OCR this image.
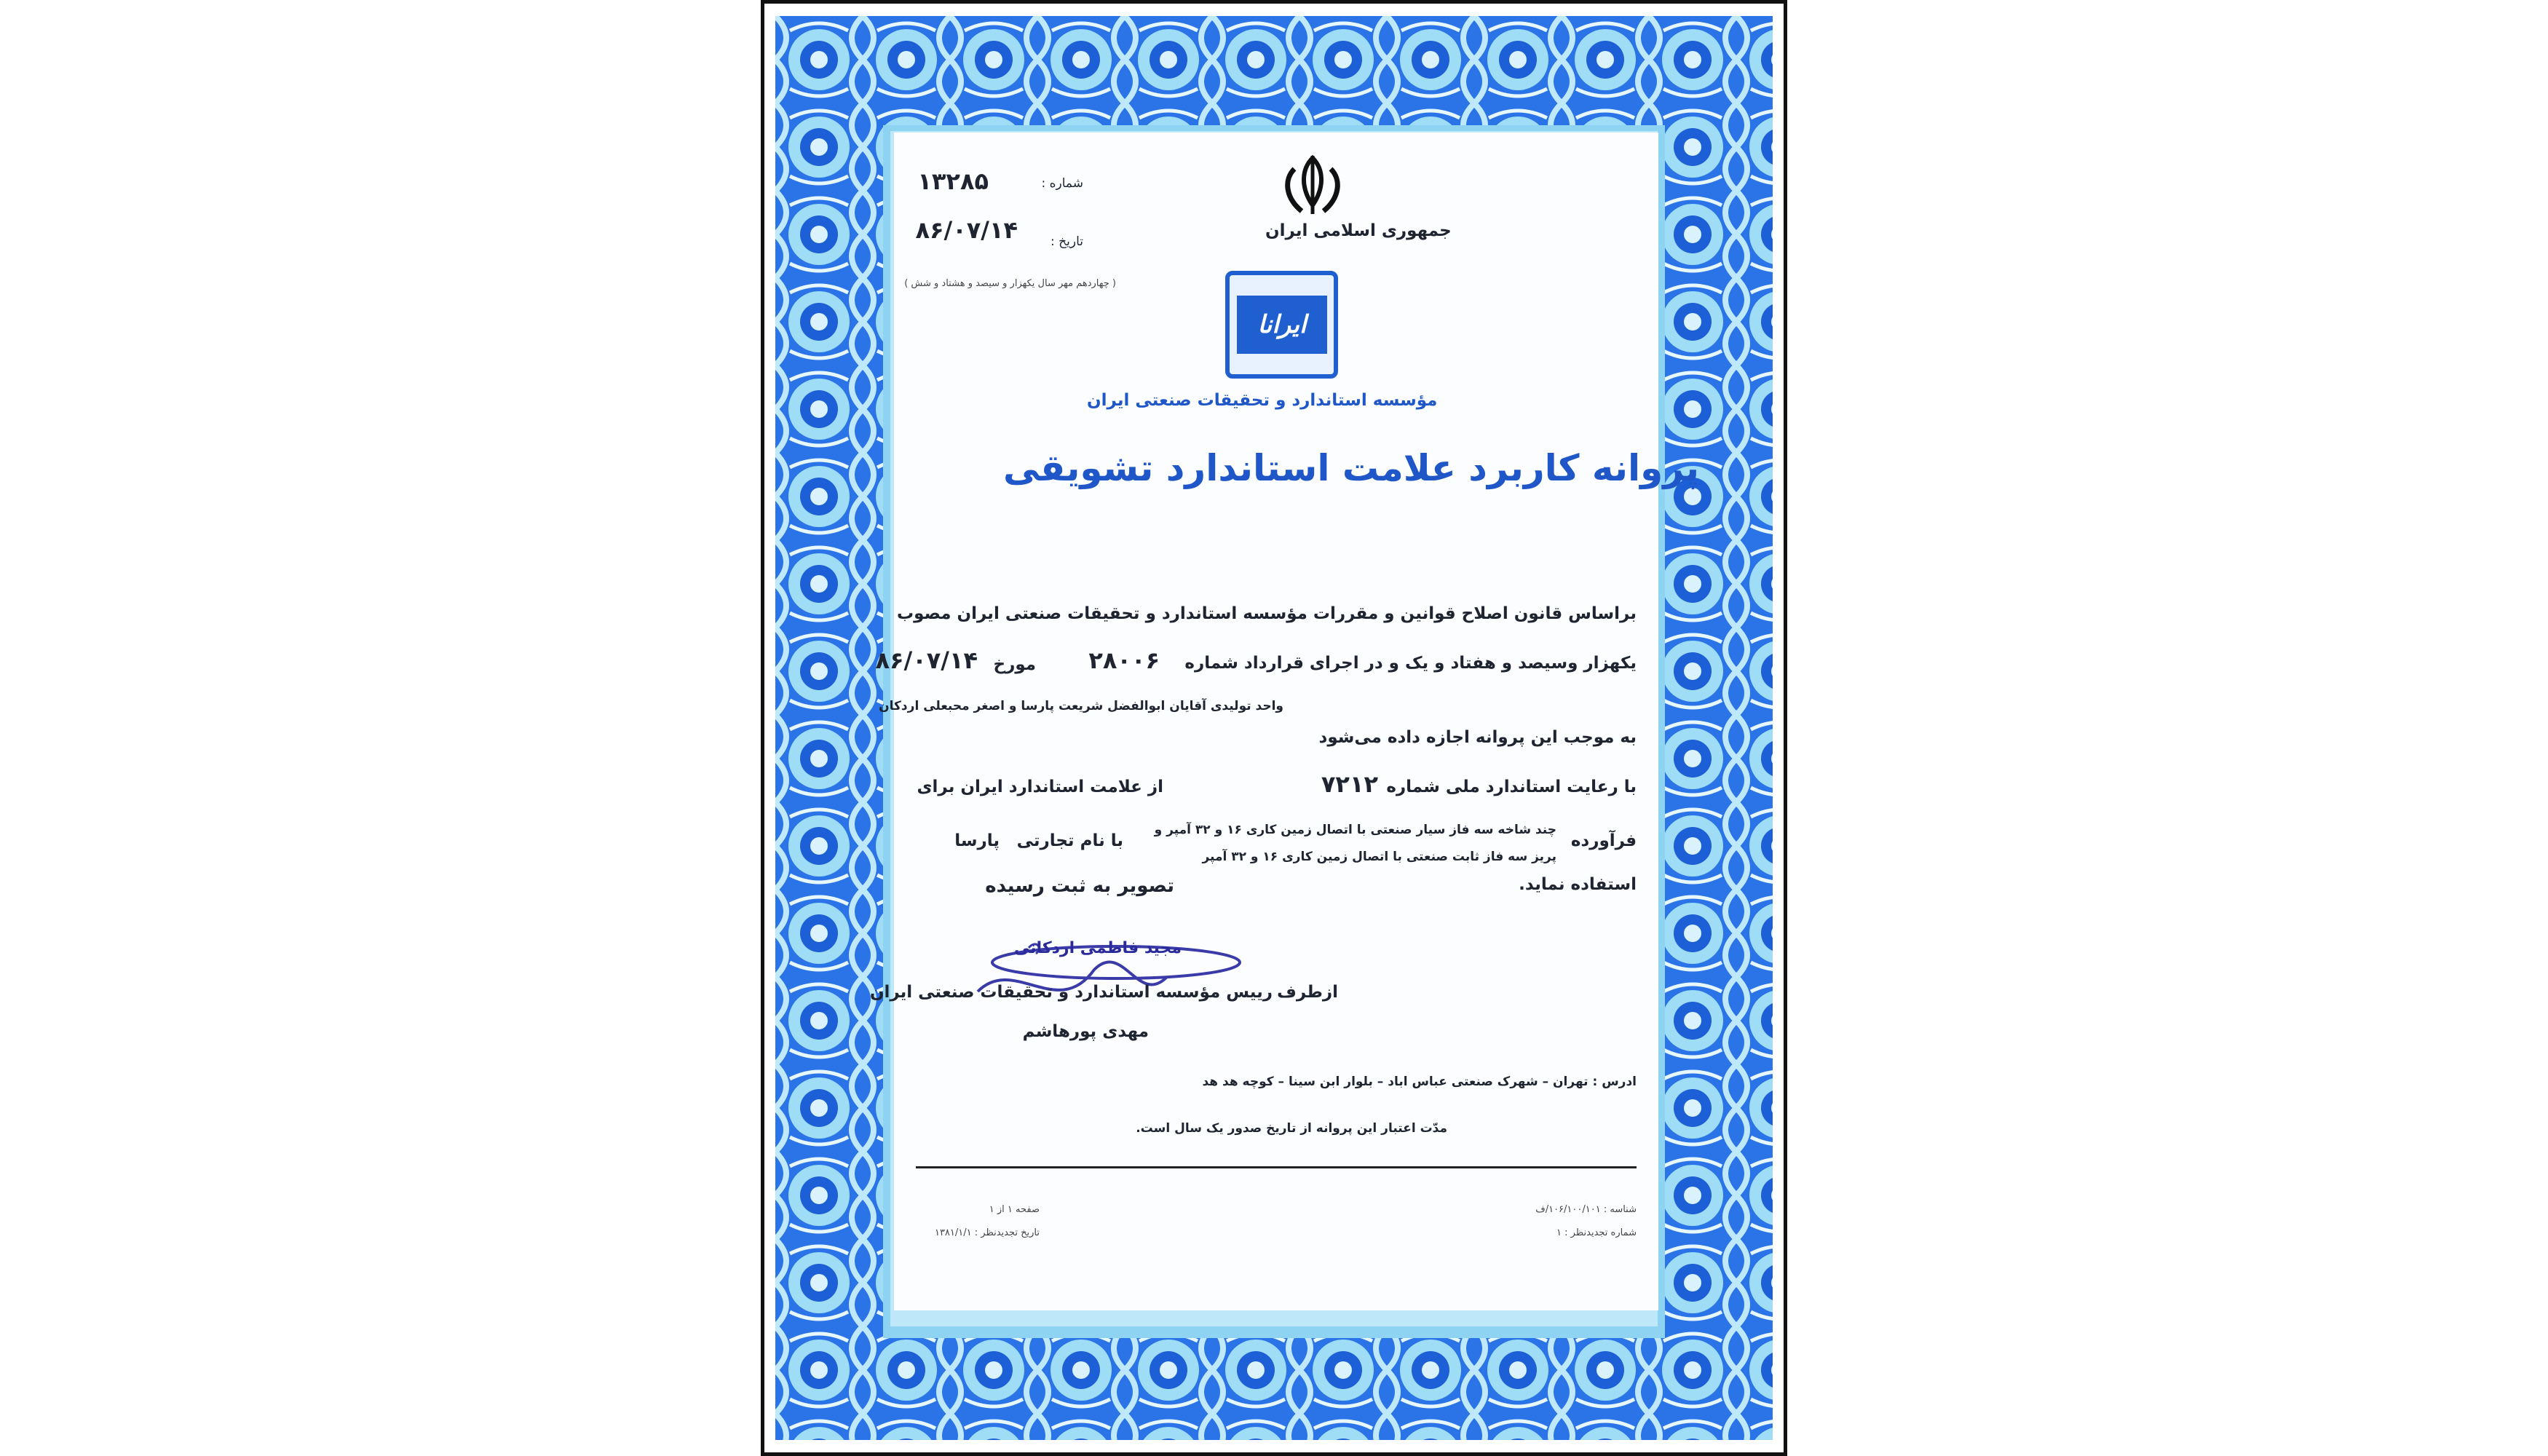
جمهوری اسلامی ایران
شماره :
۱۳۲۸۵
تاریخ :
۸۶/۰۷/۱۴
( چهاردهم مهر سال یکهزار و سیصد و هشتاد و شش )
ایرانا
مؤسسه استاندارد و تحقیقات صنعتی ایران
پروانه کاربرد علامت استاندارد تشویقی
براساس قانون اصلاح قوانین و مقررات مؤسسه استاندارد و تحقیقات صنعتی ایران مصوب
یکهزار وسیصد و هفتاد و یک و در اجرای قرارداد شماره
۲۸۰۰۶
مورخ
۸۶/۰۷/۱۴
واحد تولیدی آقایان ابوالفضل شریعت پارسا و اصغر محبعلی اردکان
به موجب این پروانه اجازه داده می‌شود
با رعایت استاندارد ملی شماره
۷۲۱۲
از علامت استاندارد ایران برای
فرآورده
چند شاخه سه فاز سیار صنعتی با اتصال زمین کاری ۱۶ و ۳۲ آمپر و
پریز سه فاز ثابت صنعتی با اتصال زمین کاری ۱۶ و ۳۲ آمپر
با نام تجارتی
پارسا
استفاده نماید.
تصویر به ثبت رسیده
مجید فاطمی اردکانی
ازطرف
رییس مؤسسه استاندارد و تحقیقات صنعتی ایران
مهدی پورهاشم
ادرس : تهران – شهرک صنعتی عباس اباد – بلوار ابن سینا – کوچه هد هد
مدّت اعتبار این پروانه از تاریخ صدور یک سال است.
شناسه : ۱۰۶/۱۰۰/۱۰۱/ف
شماره تجدیدنظر : ۱
صفحه ۱ از ۱
تاریخ تجدیدنظر : ۱۳۸۱/۱/۱
